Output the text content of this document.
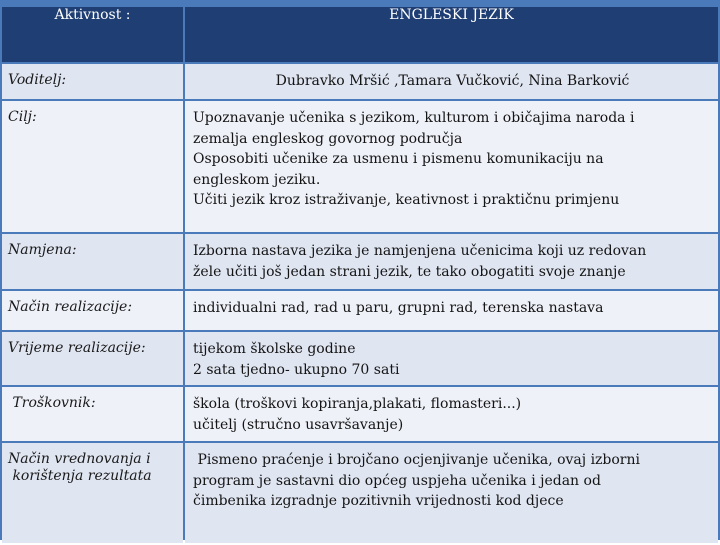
Aktivnost :	ENGLESKI JEZIK
Voditelj:	Dubravko Mršić ,Tamara Vučković, Nina Barković

Cilj:	Upoznavanje učenika s jezikom, kulturom i običajima naroda i
zemalja engleskog govornog područja
Osposobiti učenike za usmenu i pismenu komunikaciju na
engleskom jeziku.
Učiti jezik kroz istraživanje, keativnost i praktičnu primjenu

Namjena:	Izborna nastava jezika je namjenjena učenicima koji uz redovan
žele učiti još jedan strani jezik, te tako obogatiti svoje znanje

Način realizacije:	individualni rad, rad u paru, grupni rad, terenska nastava

Vrijeme realizacije:	tijekom školske godine
2 sata tjedno- ukupno 70 sati

Troškovnik:	škola (troškovi kopiranja,plakati, flomasteri...)
učitelj (stručno usavršavanje)

Način vrednovanja i
korištenja rezultata	Pismeno praćenje i brojčano ocjenjivanje učenika, ovaj izborni
program je sastavni dio općeg uspjeha učenika i jedan od
čimbenika izgradnje pozitivnih vrijednosti kod djece
